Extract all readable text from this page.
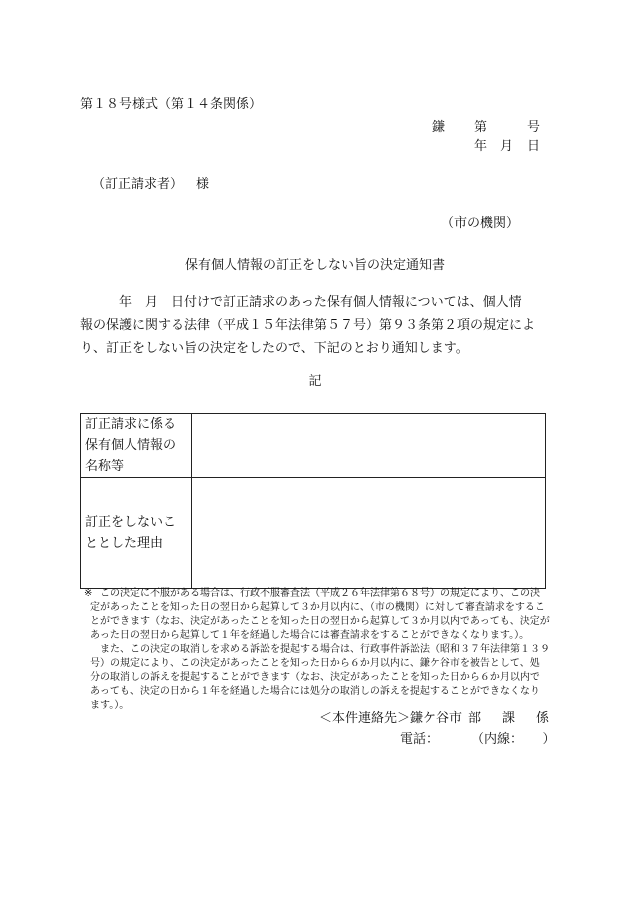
第１８号様式（第１４条関係）
鎌 第	号
年 月 日
（訂正請求者） 様
（市の機関）
保有個人情報の訂正をしない旨の決定通知書
　　　年　月　日付けで訂正請求のあった保有個人情報については、個人情
報の保護に関する法律（平成１５年法律第５７号）第９３条第２項の規定によ
り、訂正をしない旨の決定をしたので、下記のとおり通知します。
記
訂正請求に係る
保有個人情報の
名称等	

訂正をしないこ
ととした理由	

※ この決定に不服がある場合は、行政不服審査法（平成２６年法律第６８号）の規定により、この決
定があったことを知った日の翌日から起算して３か月以内に、（市の機関）に対して審査請求をするこ
とができます（なお、決定があったことを知った日の翌日から起算して３か月以内であっても、決定が
あった日の翌日から起算して１年を経過した場合には審査請求をすることができなくなります。）。
また、この決定の取消しを求める訴訟を提起する場合は、行政事件訴訟法（昭和３７年法律第１３９
号）の規定により、この決定があったことを知った日から６か月以内に、鎌ケ谷市を被告として、処
分の取消しの訴えを提起することができます（なお、決定があったことを知った日から６か月以内で
あっても、決定の日から１年を経過した場合には処分の取消しの訴えを提起することができなくなり
ます。）。
＜本件連絡先＞鎌ケ谷市 部 課 係
電話： （内線：　　）
